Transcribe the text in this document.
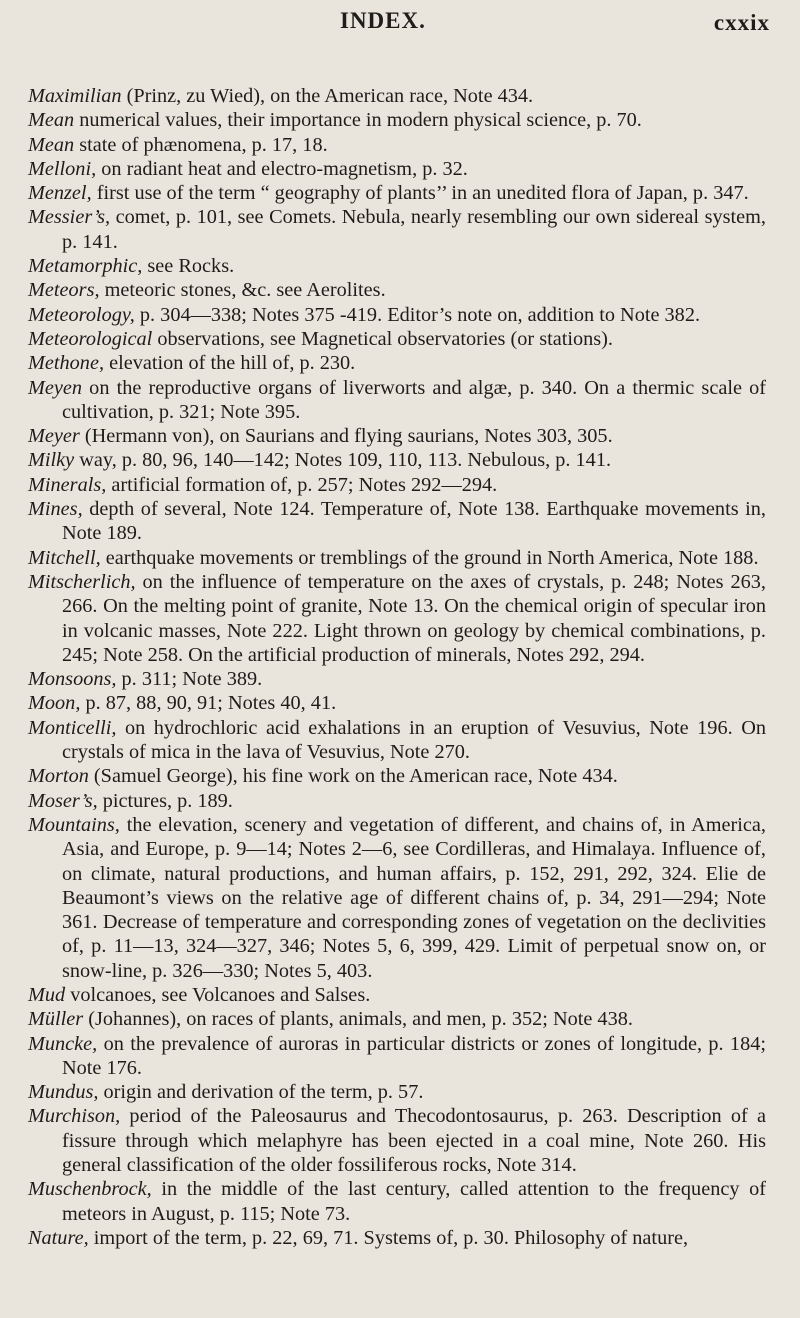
INDEX.	cxxix

Maximilian (Prinz, zu Wied), on the American race, Note 434.

Mean numerical values, their importance in modern physical science, p. 70.

Mean state of phænomena, p. 17, 18.

Melloni, on radiant heat and electro-magnetism, p. 32.

Menzel, first use of the term “ geography of plants’’ in an unedited flora of Japan, p. 347.

Messier’s, comet, p. 101, see Comets. Nebula, nearly resembling our own sidereal system, p. 141.

Metamorphic, see Rocks.

Meteors, meteoric stones, &c. see Aerolites.

Meteorology, p. 304—338; Notes 375 -419. Editor’s note on, addition to Note 382.

Meteorological observations, see Magnetical observatories (or stations).

Methone, elevation of the hill of, p. 230.

Meyen on the reproductive organs of liverworts and algæ, p. 340. On a thermic scale of cultivation, p. 321; Note 395.

Meyer (Hermann von), on Saurians and flying saurians, Notes 303, 305.

Milky way, p. 80, 96, 140—142; Notes 109, 110, 113. Nebulous, p. 141.

Minerals, artificial formation of, p. 257; Notes 292—294.

Mines, depth of several, Note 124. Temperature of, Note 138. Earthquake movements in, Note 189.

Mitchell, earthquake movements or tremblings of the ground in North America, Note 188.

Mitscherlich, on the influence of temperature on the axes of crystals, p. 248; Notes 263, 266. On the melting point of granite, Note 13. On the chemical origin of specular iron in volcanic masses, Note 222. Light thrown on geology by chemical combinations, p. 245; Note 258. On the artificial production of minerals, Notes 292, 294.

Monsoons, p. 311; Note 389.

Moon, p. 87, 88, 90, 91; Notes 40, 41.

Monticelli, on hydrochloric acid exhalations in an eruption of Vesuvius, Note 196. On crystals of mica in the lava of Vesuvius, Note 270.

Morton (Samuel George), his fine work on the American race, Note 434.

Moser’s, pictures, p. 189.

Mountains, the elevation, scenery and vegetation of different, and chains of, in America, Asia, and Europe, p. 9—14; Notes 2—6, see Cordilleras, and Himalaya. Influence of, on climate, natural productions, and human affairs, p. 152, 291, 292, 324. Elie de Beaumont’s views on the relative age of different chains of, p. 34, 291—294; Note 361. Decrease of temperature and corresponding zones of vegetation on the declivities of, p. 11—13, 324—327, 346; Notes 5, 6, 399, 429. Limit of perpetual snow on, or snow-line, p. 326—330; Notes 5, 403.

Mud volcanoes, see Volcanoes and Salses.

Müller (Johannes), on races of plants, animals, and men, p. 352; Note 438.

Muncke, on the prevalence of auroras in particular districts or zones of longitude, p. 184; Note 176.

Mundus, origin and derivation of the term, p. 57.

Murchison, period of the Paleosaurus and Thecodontosaurus, p. 263. Description of a fissure through which melaphyre has been ejected in a coal mine, Note 260. His general classification of the older fossiliferous rocks, Note 314.

Muschenbrock, in the middle of the last century, called attention to the frequency of meteors in August, p. 115; Note 73.

Nature, import of the term, p. 22, 69, 71. Systems of, p. 30. Philosophy of nature,
